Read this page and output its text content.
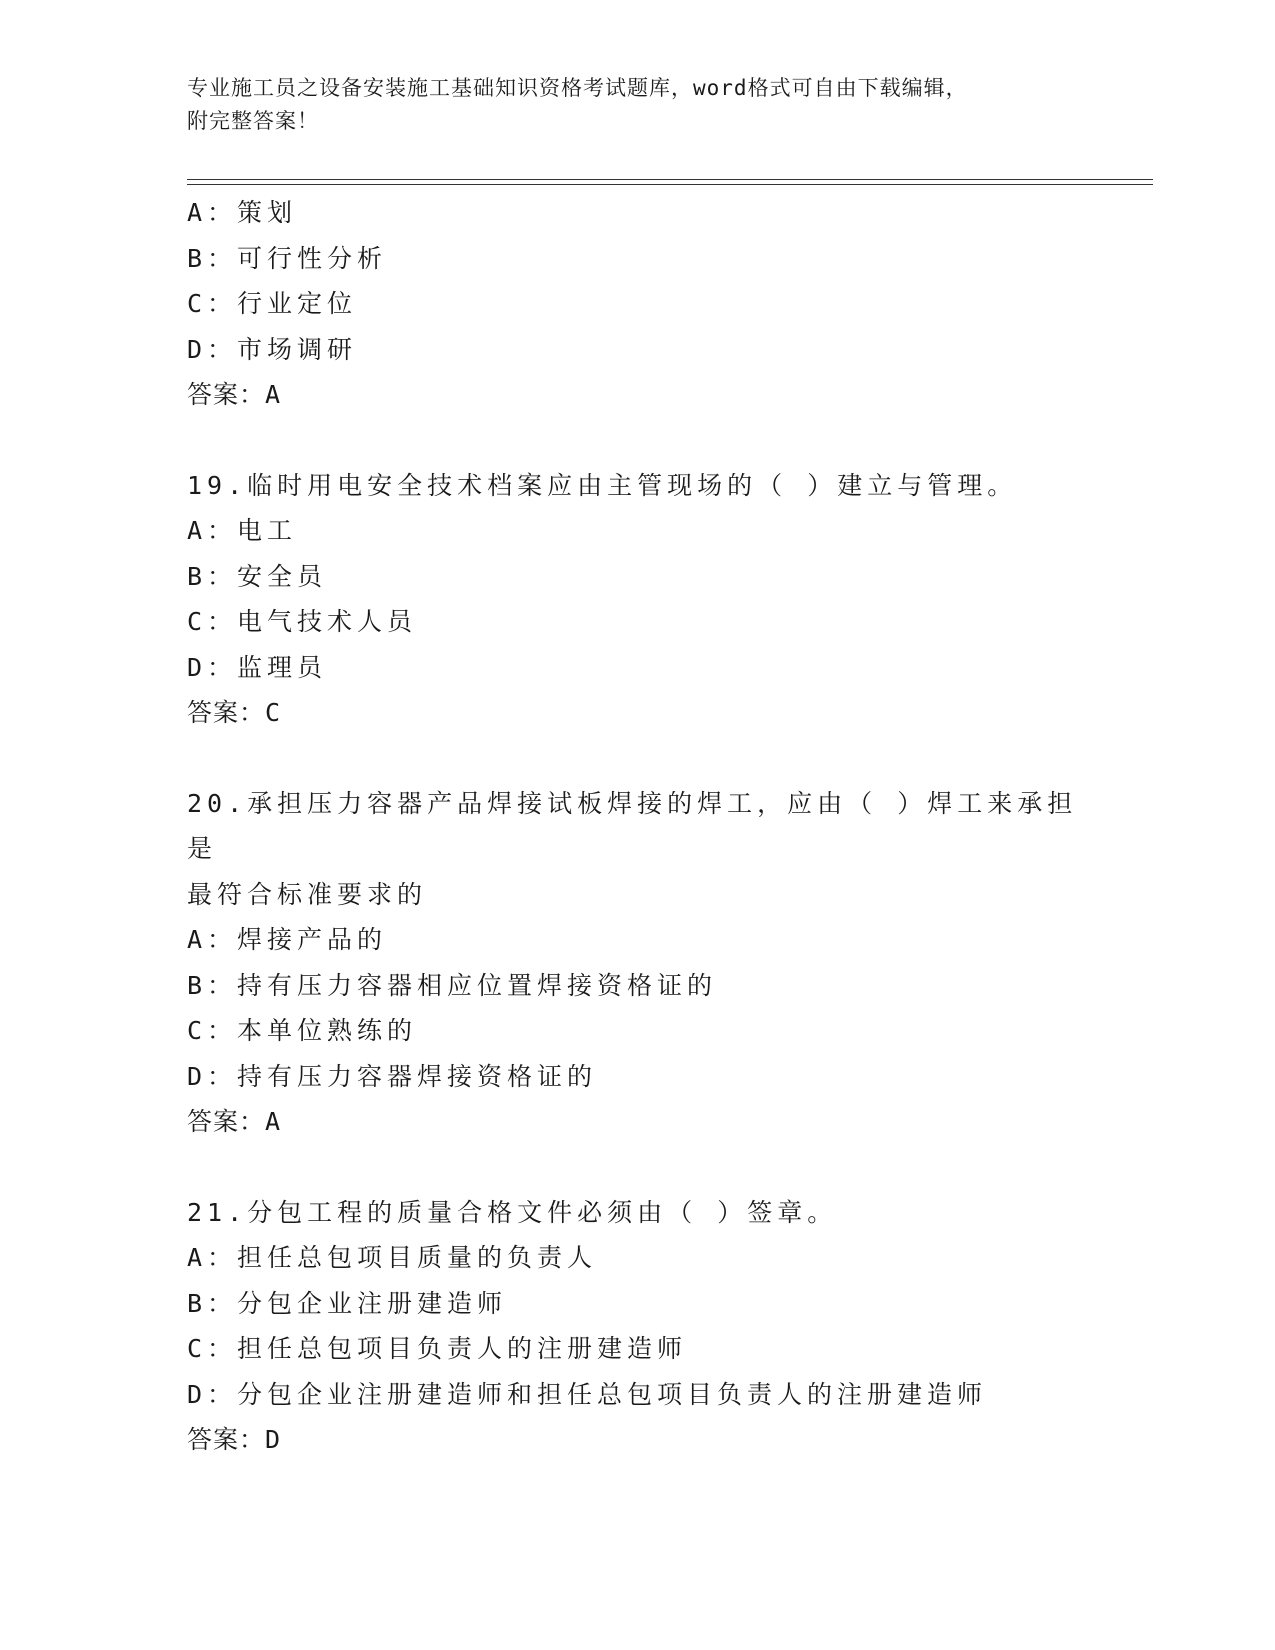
专业施工员之设备安装施工基础知识资格考试题库，word格式可自由下载编辑，
附完整答案！
A：策划
B：可行性分析
C：行业定位
D：市场调研
答案：A
19.临时用电安全技术档案应由主管现场的（ ）建立与管理。
A：电工
B：安全员
C：电气技术人员
D：监理员
答案：C
20.承担压力容器产品焊接试板焊接的焊工，应由（ ）焊工来承担是
最符合标准要求的
A：焊接产品的
B：持有压力容器相应位置焊接资格证的
C：本单位熟练的
D：持有压力容器焊接资格证的
答案：A
21.分包工程的质量合格文件必须由（ ）签章。
A：担任总包项目质量的负责人
B：分包企业注册建造师
C：担任总包项目负责人的注册建造师
D：分包企业注册建造师和担任总包项目负责人的注册建造师
答案：D
